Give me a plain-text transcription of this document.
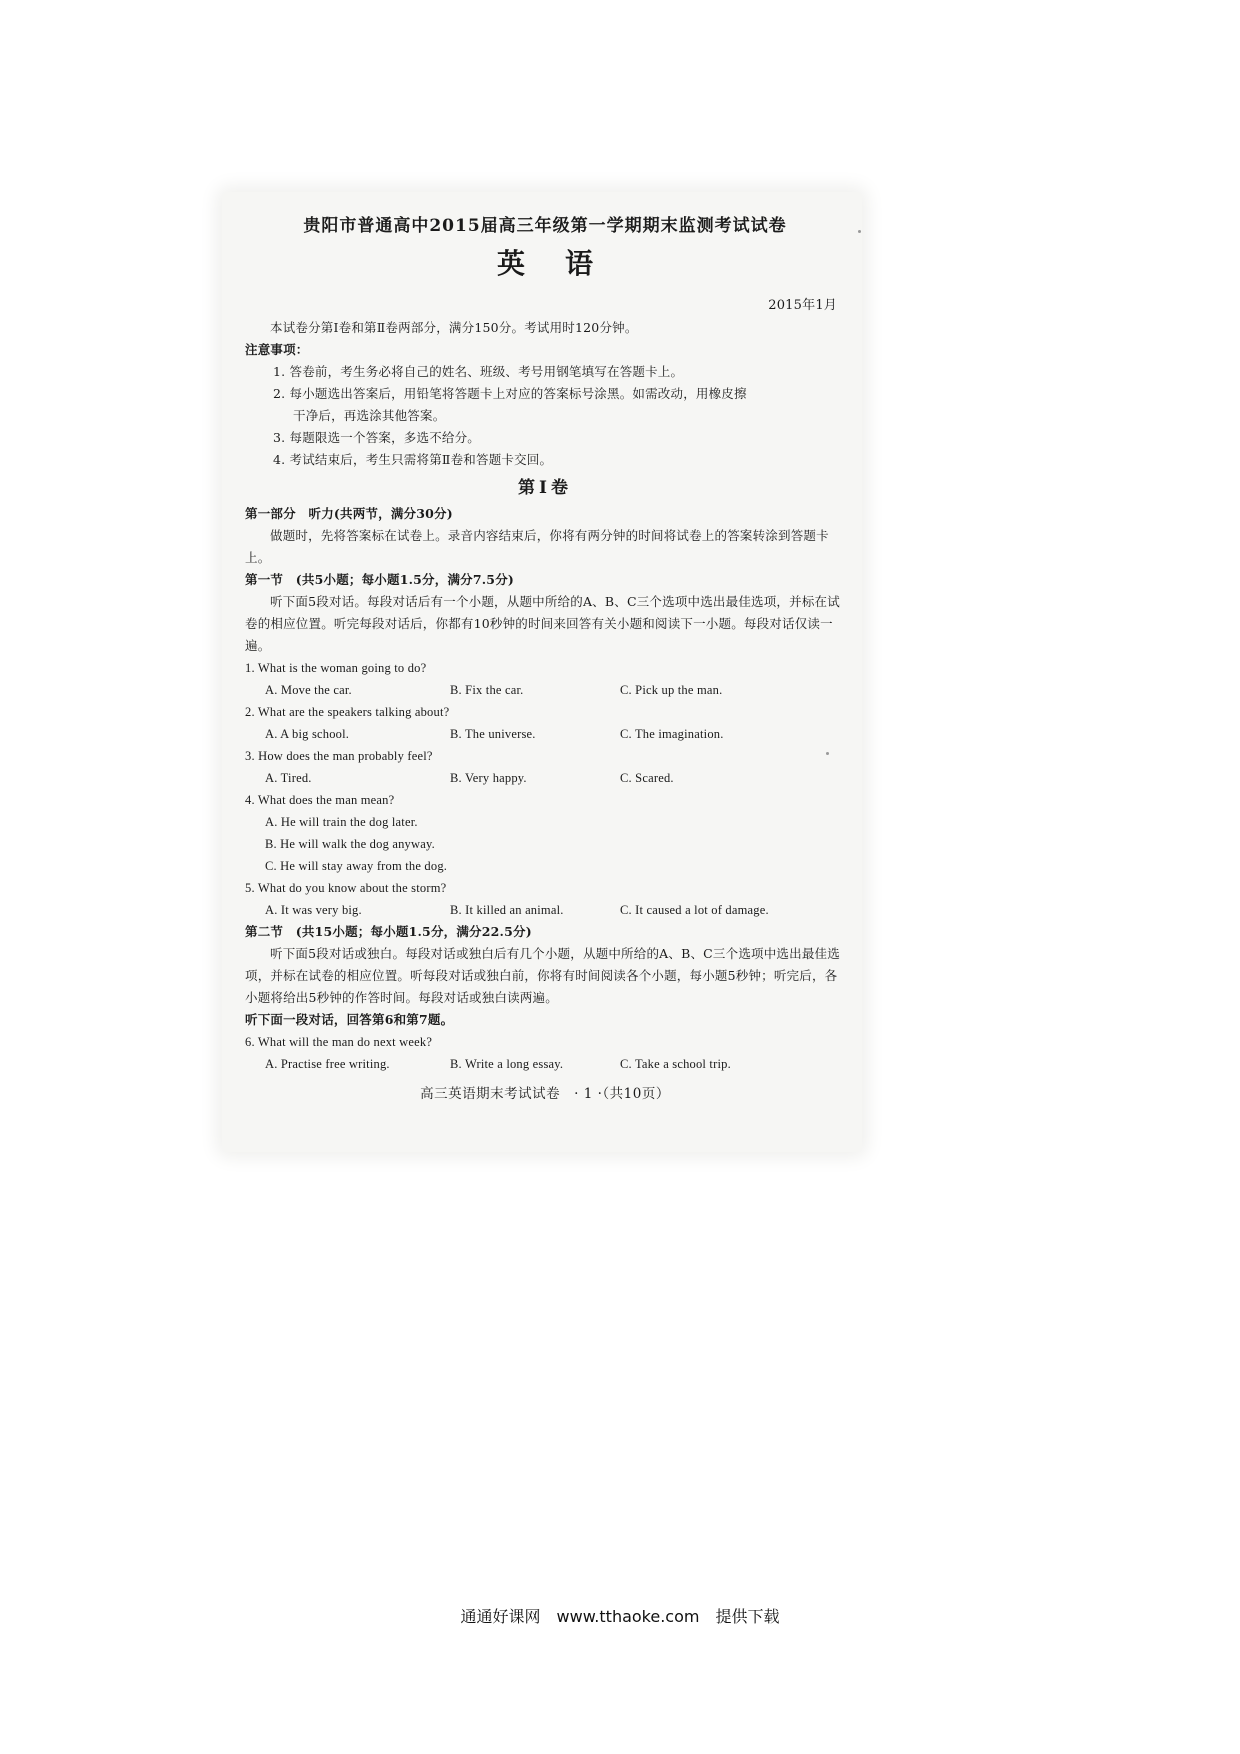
贵阳市普通高中2015届高三年级第一学期期末监测考试试卷
英语
2015年1月
本试卷分第Ⅰ卷和第Ⅱ卷两部分，满分150分。考试用时120分钟。
注意事项：
1. 答卷前，考生务必将自己的姓名、班级、考号用钢笔填写在答题卡上。
2. 每小题选出答案后，用铅笔将答题卡上对应的答案标号涂黑。如需改动，用橡皮擦
干净后，再选涂其他答案。
3. 每题限选一个答案，多选不给分。
4. 考试结束后，考生只需将第Ⅱ卷和答题卡交回。
第Ⅰ卷
第一部分　听力(共两节，满分30分)
做题时，先将答案标在试卷上。录音内容结束后，你将有两分钟的时间将试卷上的答案转涂到答题卡上。
第一节　(共5小题；每小题1.5分，满分7.5分)
听下面5段对话。每段对话后有一个小题，从题中所给的A、B、C三个选项中选出最佳选项，并标在试卷的相应位置。听完每段对话后，你都有10秒钟的时间来回答有关小题和阅读下一小题。每段对话仅读一遍。
1. What is the woman going to do?
A. Move the car.	B. Fix the car.	C. Pick up the man.
2. What are the speakers talking about?
A. A big school.	B. The universe.	C. The imagination.
3. How does the man probably feel?
A. Tired.	B. Very happy.	C. Scared.
4. What does the man mean?
A. He will train the dog later.
B. He will walk the dog anyway.
C. He will stay away from the dog.
5. What do you know about the storm?
A. It was very big.	B. It killed an animal.	C. It caused a lot of damage.
第二节　(共15小题；每小题1.5分，满分22.5分)
听下面5段对话或独白。每段对话或独白后有几个小题，从题中所给的A、B、C三个选项中选出最佳选项，并标在试卷的相应位置。听每段对话或独白前，你将有时间阅读各个小题，每小题5秒钟；听完后，各小题将给出5秒钟的作答时间。每段对话或独白读两遍。
听下面一段对话，回答第6和第7题。
6. What will the man do next week?
A. Practise free writing.	B. Write a long essay.	C. Take a school trip.
高三英语期末考试试卷　· 1 ·（共10页）
通通好课网　www.tthaoke.com　提供下载
